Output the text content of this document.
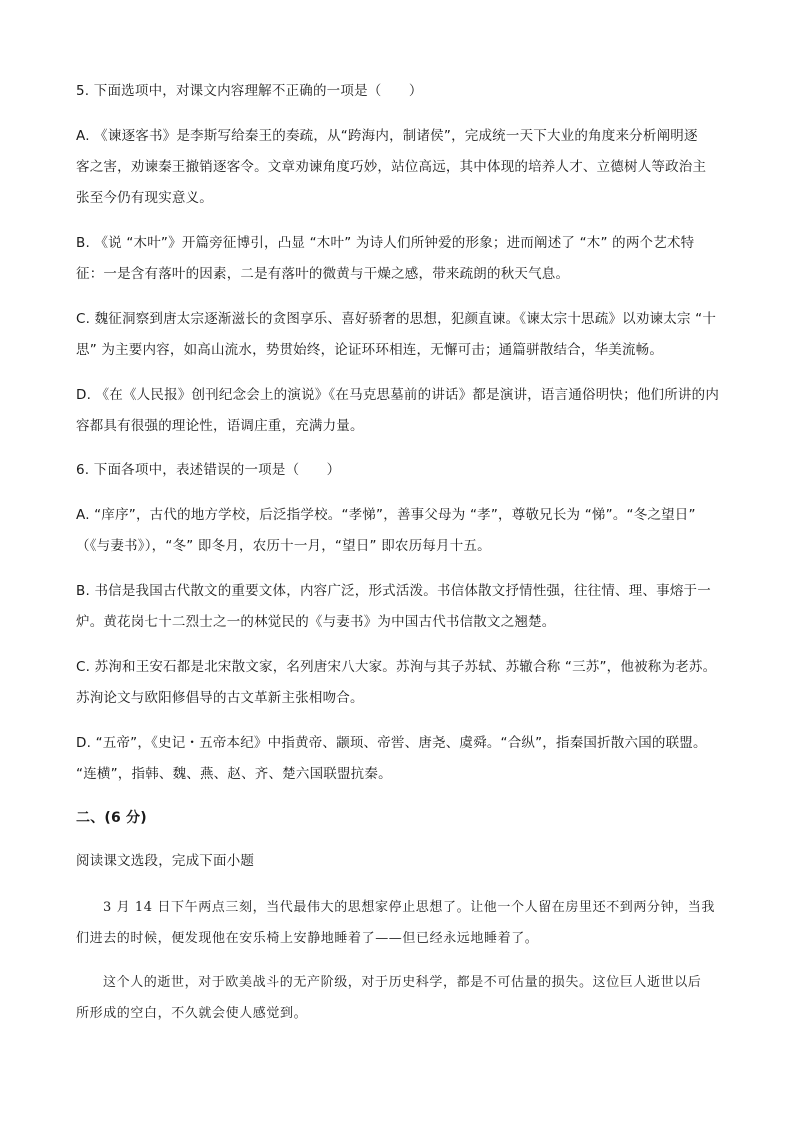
5. 下面选项中，对课文内容理解不正确的一项是（　　）
A. 《谏逐客书》是李斯写给秦王的奏疏，从“跨海内，制诸侯”，完成统一天下大业的角度来分析阐明逐
客之害，劝谏秦王撤销逐客令。文章劝谏角度巧妙，站位高远，其中体现的培养人才、立德树人等政治主
张至今仍有现实意义。
B. 《说 “木叶”》开篇旁征博引，凸显 “木叶” 为诗人们所钟爱的形象；进而阐述了 “木” 的两个艺术特
征：一是含有落叶的因素，二是有落叶的微黄与干燥之感，带来疏朗的秋天气息。
C. 魏征洞察到唐太宗逐渐滋长的贪图享乐、喜好骄奢的思想，犯颜直谏。《谏太宗十思疏》以劝谏太宗 “十
思” 为主要内容，如高山流水，势贯始终，论证环环相连，无懈可击；通篇骈散结合，华美流畅。
D. 《在《人民报》创刊纪念会上的演说》《在马克思墓前的讲话》都是演讲，语言通俗明快；他们所讲的内
容都具有很强的理论性，语调庄重，充满力量。
6. 下面各项中，表述错误的一项是（　　）
A. “庠序”，古代的地方学校，后泛指学校。“孝悌”，善事父母为 “孝”，尊敬兄长为 “悌”。“冬之望日”
（《与妻书》），“冬” 即冬月，农历十一月，“望日” 即农历每月十五。
B. 书信是我国古代散文的重要文体，内容广泛，形式活泼。书信体散文抒情性强，往往情、理、事熔于一
炉。黄花岗七十二烈士之一的林觉民的《与妻书》为中国古代书信散文之翘楚。
C. 苏洵和王安石都是北宋散文家，名列唐宋八大家。苏洵与其子苏轼、苏辙合称 “三苏”，他被称为老苏。
苏洵论文与欧阳修倡导的古文革新主张相吻合。
D. “五帝”，《史记・五帝本纪》中指黄帝、颛顼、帝喾、唐尧、虞舜。“合纵”，指秦国折散六国的联盟。
“连横”，指韩、魏、燕、赵、齐、楚六国联盟抗秦。
二、(6 分)
阅读课文选段，完成下面小题
3 月 14 日下午两点三刻，当代最伟大的思想家停止思想了。让他一个人留在房里还不到两分钟，当我
们进去的时候，便发现他在安乐椅上安静地睡着了——但已经永远地睡着了。
这个人的逝世，对于欧美战斗的无产阶级，对于历史科学，都是不可估量的损失。这位巨人逝世以后
所形成的空白，不久就会使人感觉到。
